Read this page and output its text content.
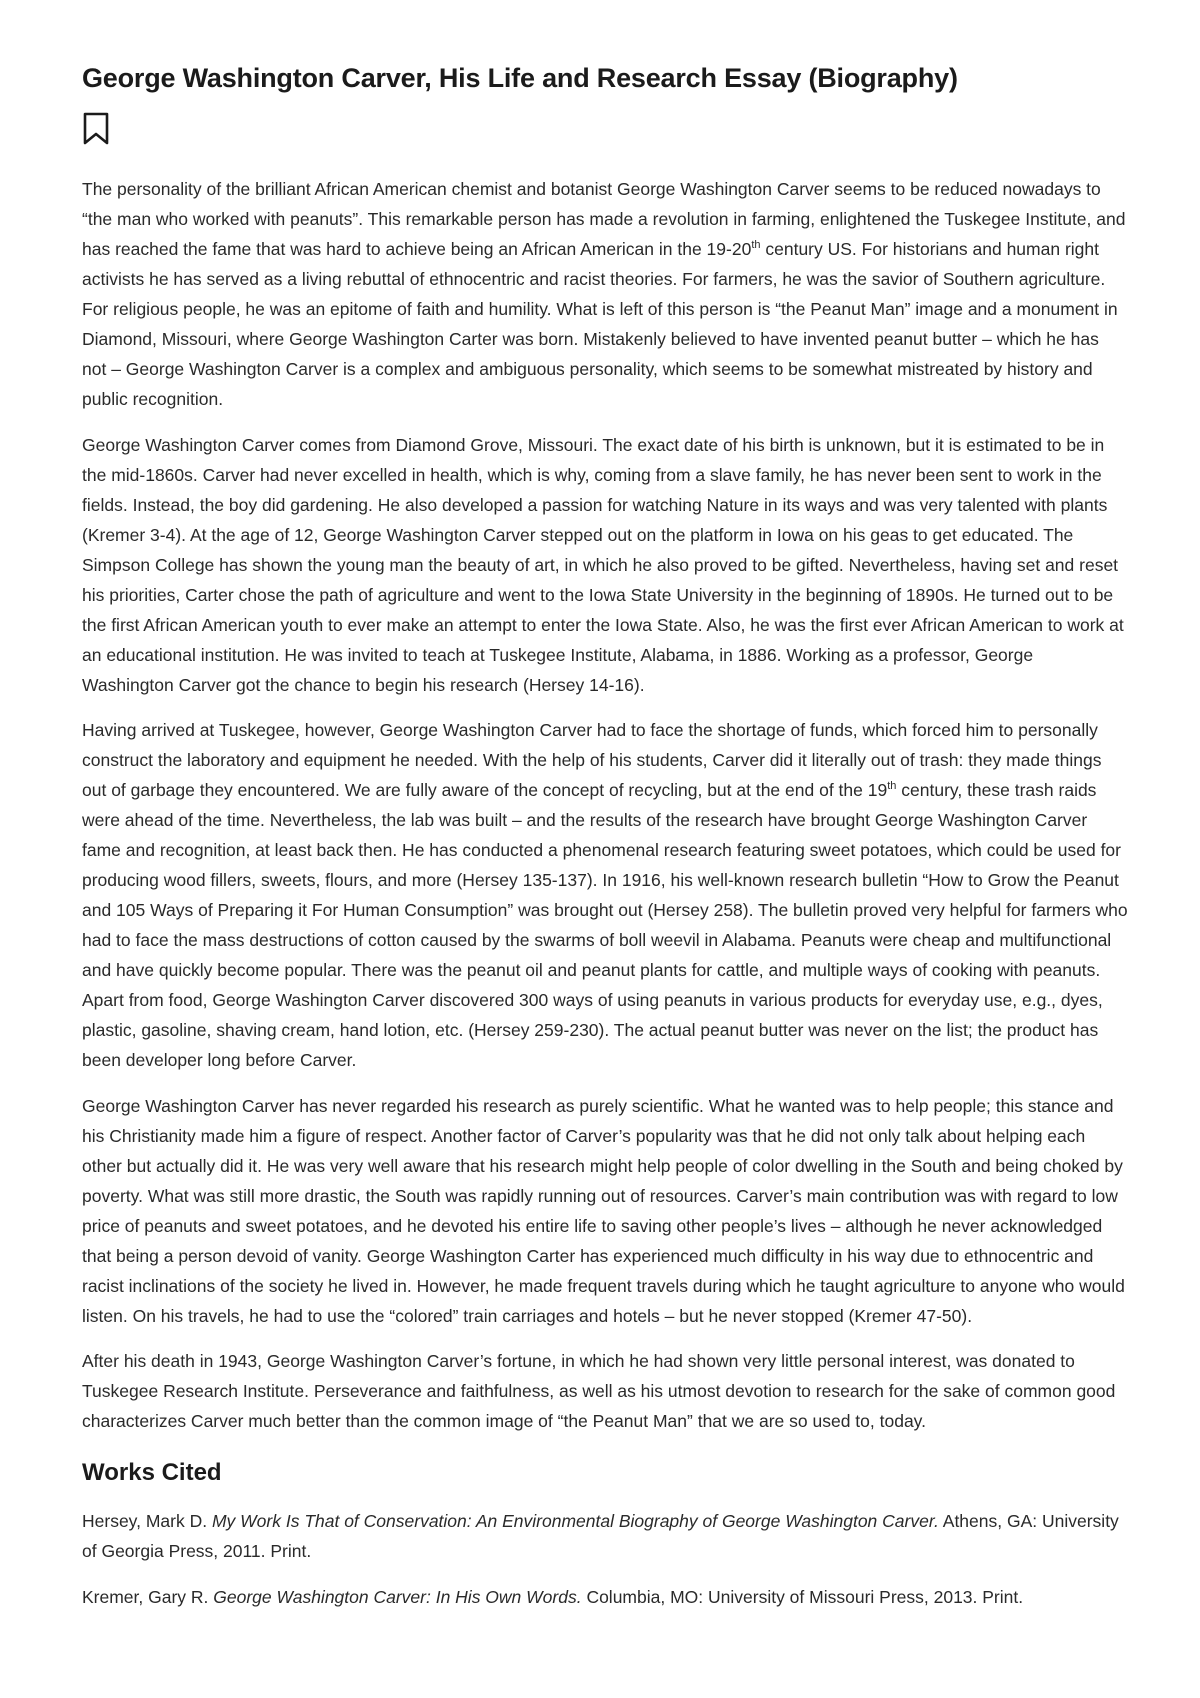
George Washington Carver, His Life and Research Essay (Biography)

The personality of the brilliant African American chemist and botanist George Washington Carver seems to be reduced nowadays to “the man who worked with peanuts”. This remarkable person has made a revolution in farming, enlightened the Tuskegee Institute, and has reached the fame that was hard to achieve being an African American in the 19-20th century US. For historians and human right activists he has served as a living rebuttal of ethnocentric and racist theories. For farmers, he was the savior of Southern agriculture. For religious people, he was an epitome of faith and humility. What is left of this person is “the Peanut Man” image and a monument in Diamond, Missouri, where George Washington Carter was born. Mistakenly believed to have invented peanut butter – which he has not – George Washington Carver is a complex and ambiguous personality, which seems to be somewhat mistreated by history and public recognition.

George Washington Carver comes from Diamond Grove, Missouri. The exact date of his birth is unknown, but it is estimated to be in the mid-1860s. Carver had never excelled in health, which is why, coming from a slave family, he has never been sent to work in the fields. Instead, the boy did gardening. He also developed a passion for watching Nature in its ways and was very talented with plants (Kremer 3-4). At the age of 12, George Washington Carver stepped out on the platform in Iowa on his geas to get educated. The Simpson College has shown the young man the beauty of art, in which he also proved to be gifted. Nevertheless, having set and reset his priorities, Carter chose the path of agriculture and went to the Iowa State University in the beginning of 1890s. He turned out to be the first African American youth to ever make an attempt to enter the Iowa State. Also, he was the first ever African American to work at an educational institution. He was invited to teach at Tuskegee Institute, Alabama, in 1886. Working as a professor, George Washington Carver got the chance to begin his research (Hersey 14-16).

Having arrived at Tuskegee, however, George Washington Carver had to face the shortage of funds, which forced him to personally construct the laboratory and equipment he needed. With the help of his students, Carver did it literally out of trash: they made things out of garbage they encountered. We are fully aware of the concept of recycling, but at the end of the 19th century, these trash raids were ahead of the time. Nevertheless, the lab was built – and the results of the research have brought George Washington Carver fame and recognition, at least back then. He has conducted a phenomenal research featuring sweet potatoes, which could be used for producing wood fillers, sweets, flours, and more (Hersey 135-137). In 1916, his well-known research bulletin “How to Grow the Peanut and 105 Ways of Preparing it For Human Consumption” was brought out (Hersey 258). The bulletin proved very helpful for farmers who had to face the mass destructions of cotton caused by the swarms of boll weevil in Alabama. Peanuts were cheap and multifunctional and have quickly become popular. There was the peanut oil and peanut plants for cattle, and multiple ways of cooking with peanuts. Apart from food, George Washington Carver discovered 300 ways of using peanuts in various products for everyday use, e.g., dyes, plastic, gasoline, shaving cream, hand lotion, etc. (Hersey 259-230). The actual peanut butter was never on the list; the product has been developer long before Carver.

George Washington Carver has never regarded his research as purely scientific. What he wanted was to help people; this stance and his Christianity made him a figure of respect. Another factor of Carver’s popularity was that he did not only talk about helping each other but actually did it. He was very well aware that his research might help people of color dwelling in the South and being choked by poverty. What was still more drastic, the South was rapidly running out of resources. Carver’s main contribution was with regard to low price of peanuts and sweet potatoes, and he devoted his entire life to saving other people’s lives – although he never acknowledged that being a person devoid of vanity. George Washington Carter has experienced much difficulty in his way due to ethnocentric and racist inclinations of the society he lived in. However, he made frequent travels during which he taught agriculture to anyone who would listen. On his travels, he had to use the “colored” train carriages and hotels – but he never stopped (Kremer 47-50).

After his death in 1943, George Washington Carver’s fortune, in which he had shown very little personal interest, was donated to Tuskegee Research Institute. Perseverance and faithfulness, as well as his utmost devotion to research for the sake of common good characterizes Carver much better than the common image of “the Peanut Man” that we are so used to, today.

Works Cited

Hersey, Mark D. My Work Is That of Conservation: An Environmental Biography of George Washington Carver. Athens, GA: University of Georgia Press, 2011. Print.

Kremer, Gary R. George Washington Carver: In His Own Words. Columbia, MO: University of Missouri Press, 2013. Print.
